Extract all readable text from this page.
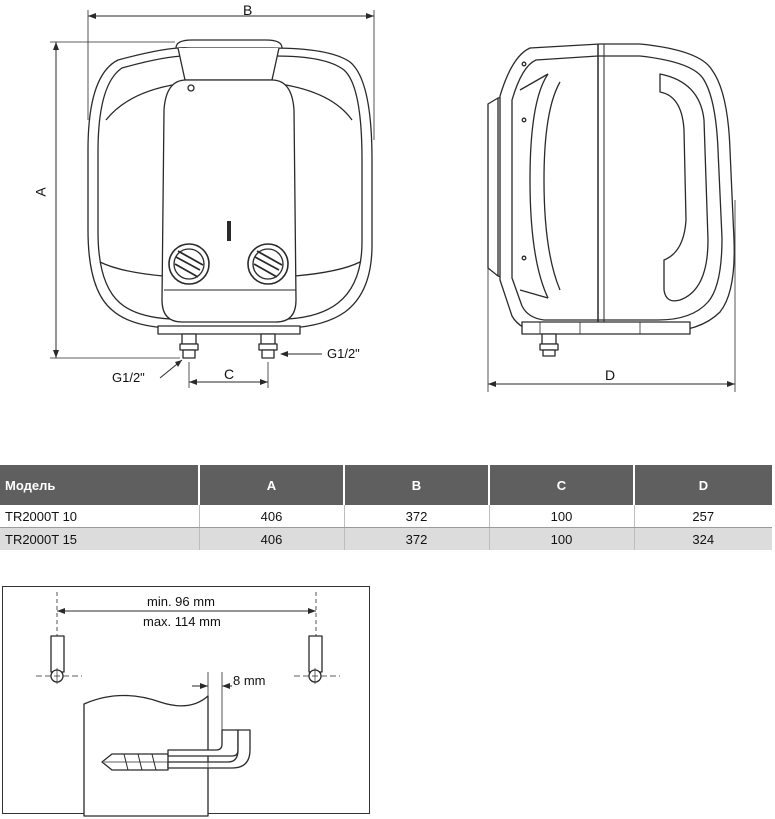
B
A
C
G1/2"
G1/2"
D
Модель	A	B	C	D
TR2000T 10	406	372	100	257
TR2000T 15	406	372	100	324
min. 96 mm
max. 114 mm
8 mm
